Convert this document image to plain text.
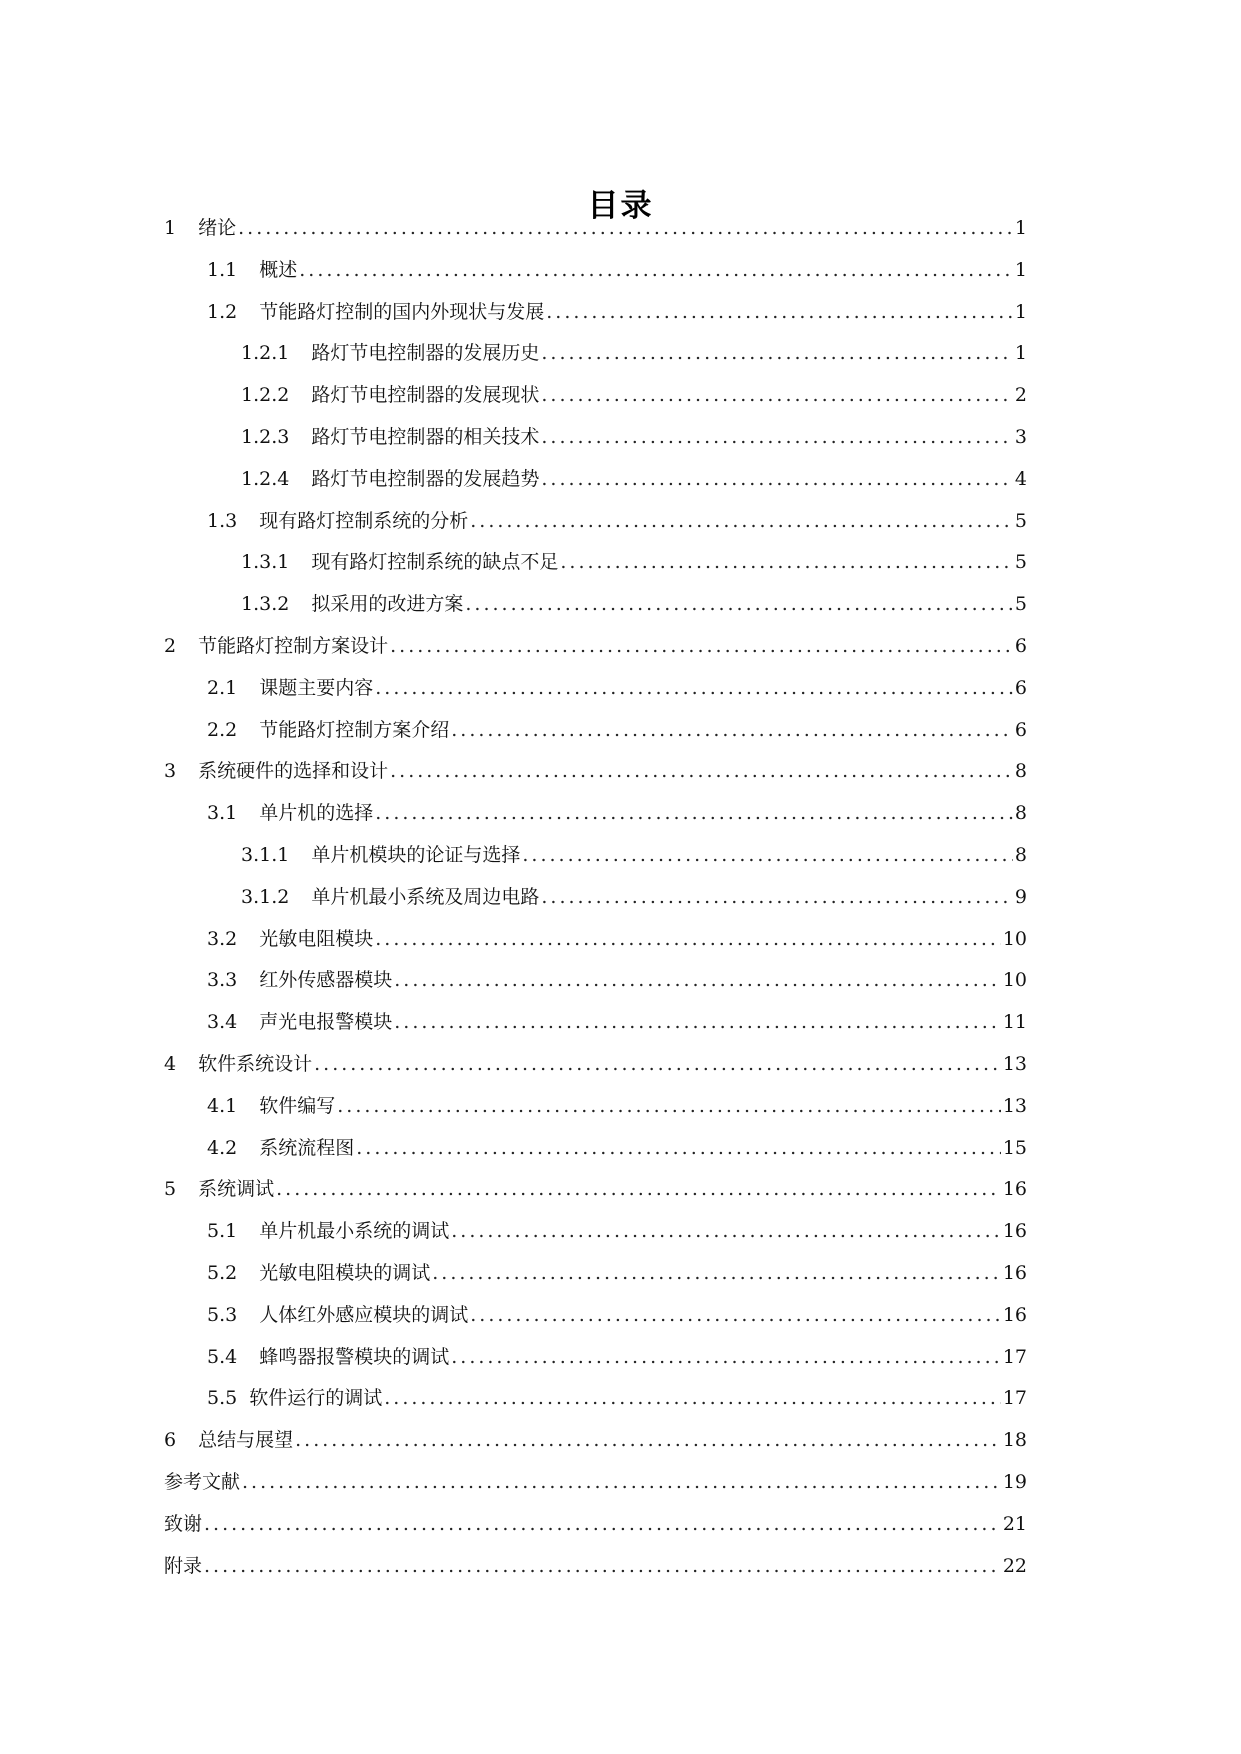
目录
1 绪论 .....	1
1.1 概述 .....	1
1.2 节能路灯控制的国内外现状与发展 .....	1
1.2.1 路灯节电控制器的发展历史 .....	1
1.2.2 路灯节电控制器的发展现状 .....	2
1.2.3 路灯节电控制器的相关技术 .....	3
1.2.4 路灯节电控制器的发展趋势 .....	4
1.3 现有路灯控制系统的分析 .....	5
1.3.1 现有路灯控制系统的缺点不足 .....	5
1.3.2 拟采用的改进方案 .....	5
2 节能路灯控制方案设计 .....	6
2.1 课题主要内容 .....	6
2.2 节能路灯控制方案介绍 .....	6
3 系统硬件的选择和设计 .....	8
3.1 单片机的选择 .....	8
3.1.1 单片机模块的论证与选择 .....	8
3.1.2 单片机最小系统及周边电路 .....	9
3.2 光敏电阻模块 .....	10
3.3 红外传感器模块 .....	10
3.4 声光电报警模块 .....	11
4 软件系统设计 .....	13
4.1 软件编写 .....	13
4.2 系统流程图 .....	15
5 系统调试 .....	16
5.1 单片机最小系统的调试 .....	16
5.2 光敏电阻模块的调试 .....	16
5.3 人体红外感应模块的调试 .....	16
5.4 蜂鸣器报警模块的调试 .....	17
5.5 软件运行的调试 .....	17
6 总结与展望 .....	18
参考文献 .....	19
致谢 .....	21
附录 .....	22
